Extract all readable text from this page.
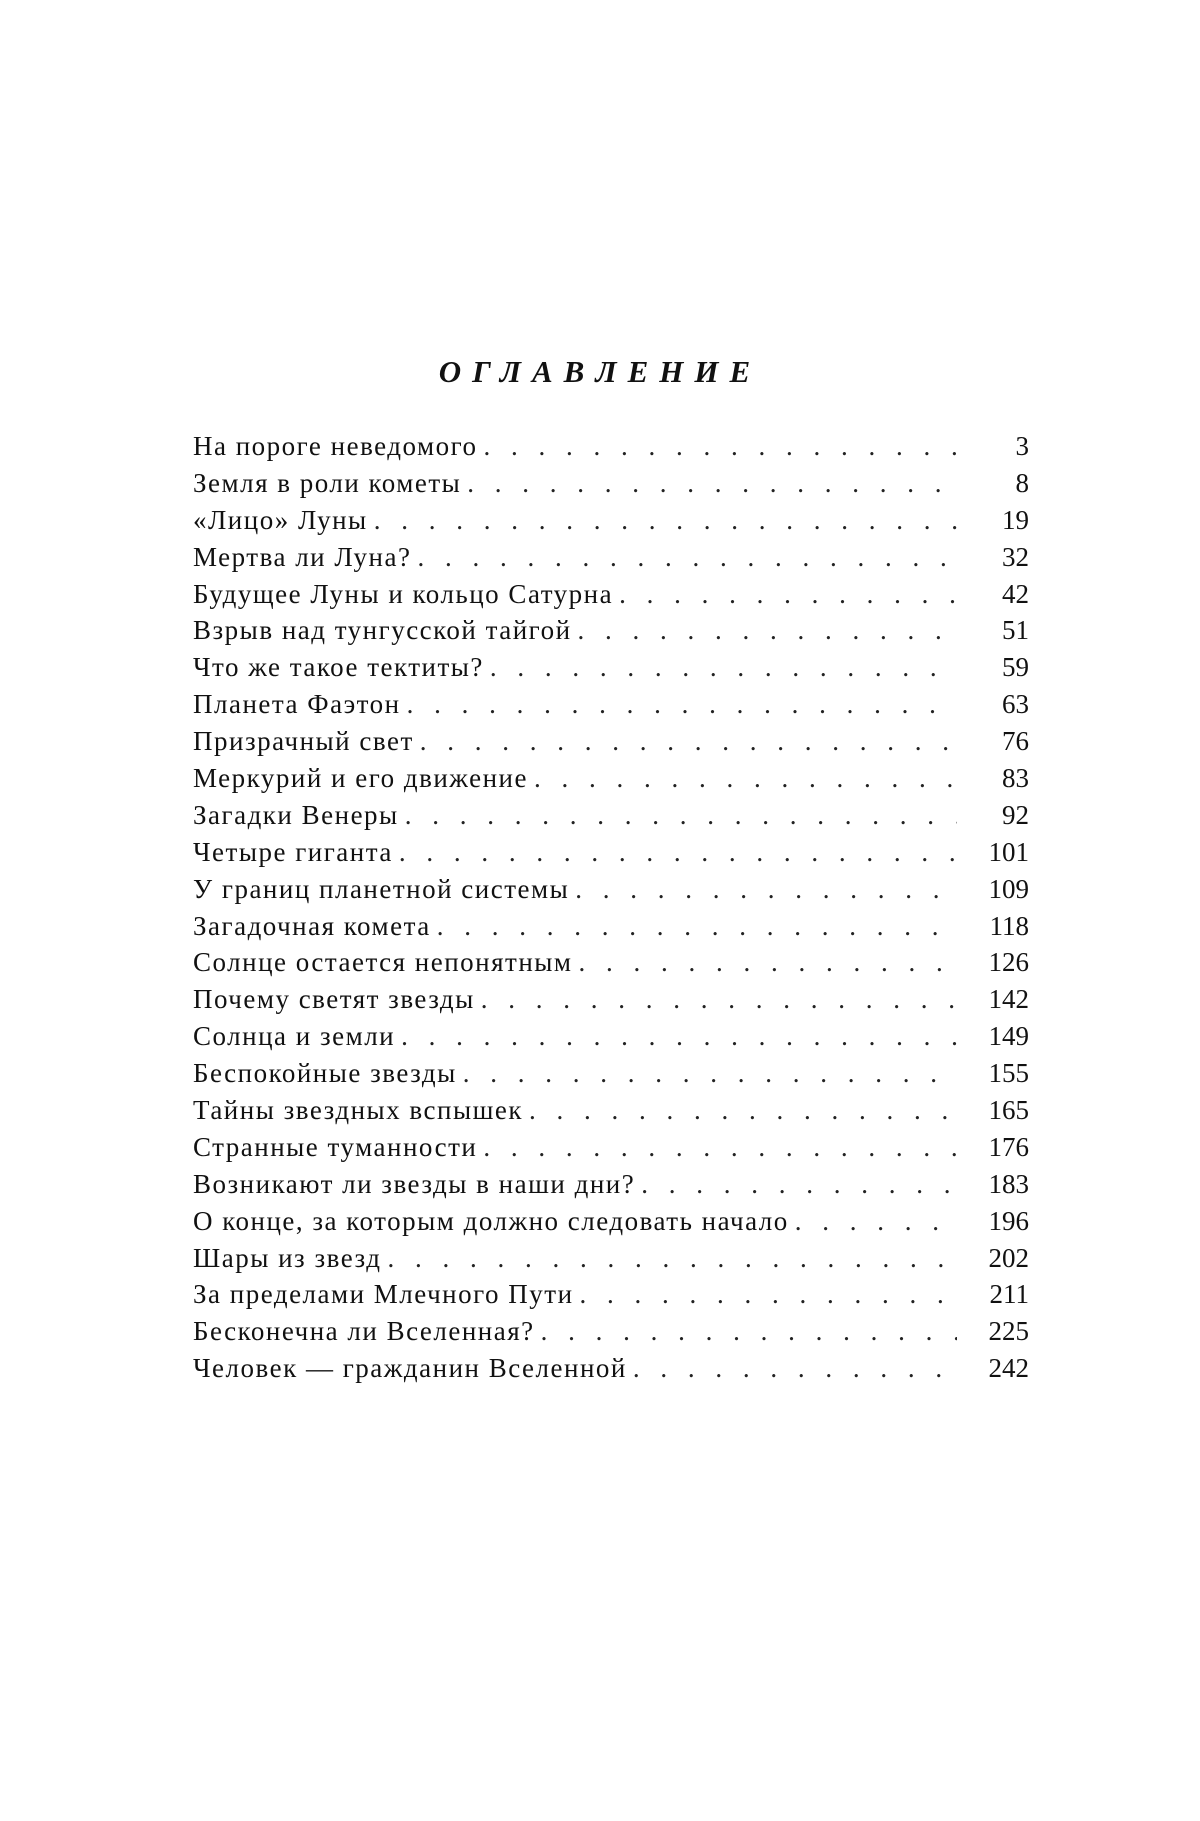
ОГЛАВЛЕНИЕ
На пороге неведомого . . .	3
Земля в роли кометы . . .	8
«Лицо» Луны . . .	19
Мертва ли Луна? . . .	32
Будущее Луны и кольцо Сатурна . . .	42
Взрыв над тунгусской тайгой . . .	51
Что же такое тектиты? . . .	59
Планета Фаэтон . . .	63
Призрачный свет . . .	76
Меркурий и его движение . . .	83
Загадки Венеры . . .	92
Четыре гиганта . . .	101
У границ планетной системы . . .	109
Загадочная комета . . .	118
Солнце остается непонятным . . .	126
Почему светят звезды . . .	142
Солнца и земли . . .	149
Беспокойные звезды . . .	155
Тайны звездных вспышек . . .	165
Странные туманности . . .	176
Возникают ли звезды в наши дни? . . .	183
О конце, за которым должно следовать начало . . .	196
Шары из звезд . . .	202
За пределами Млечного Пути . . .	211
Бесконечна ли Вселенная? . . .	225
Человек — гражданин Вселенной . . .	242
